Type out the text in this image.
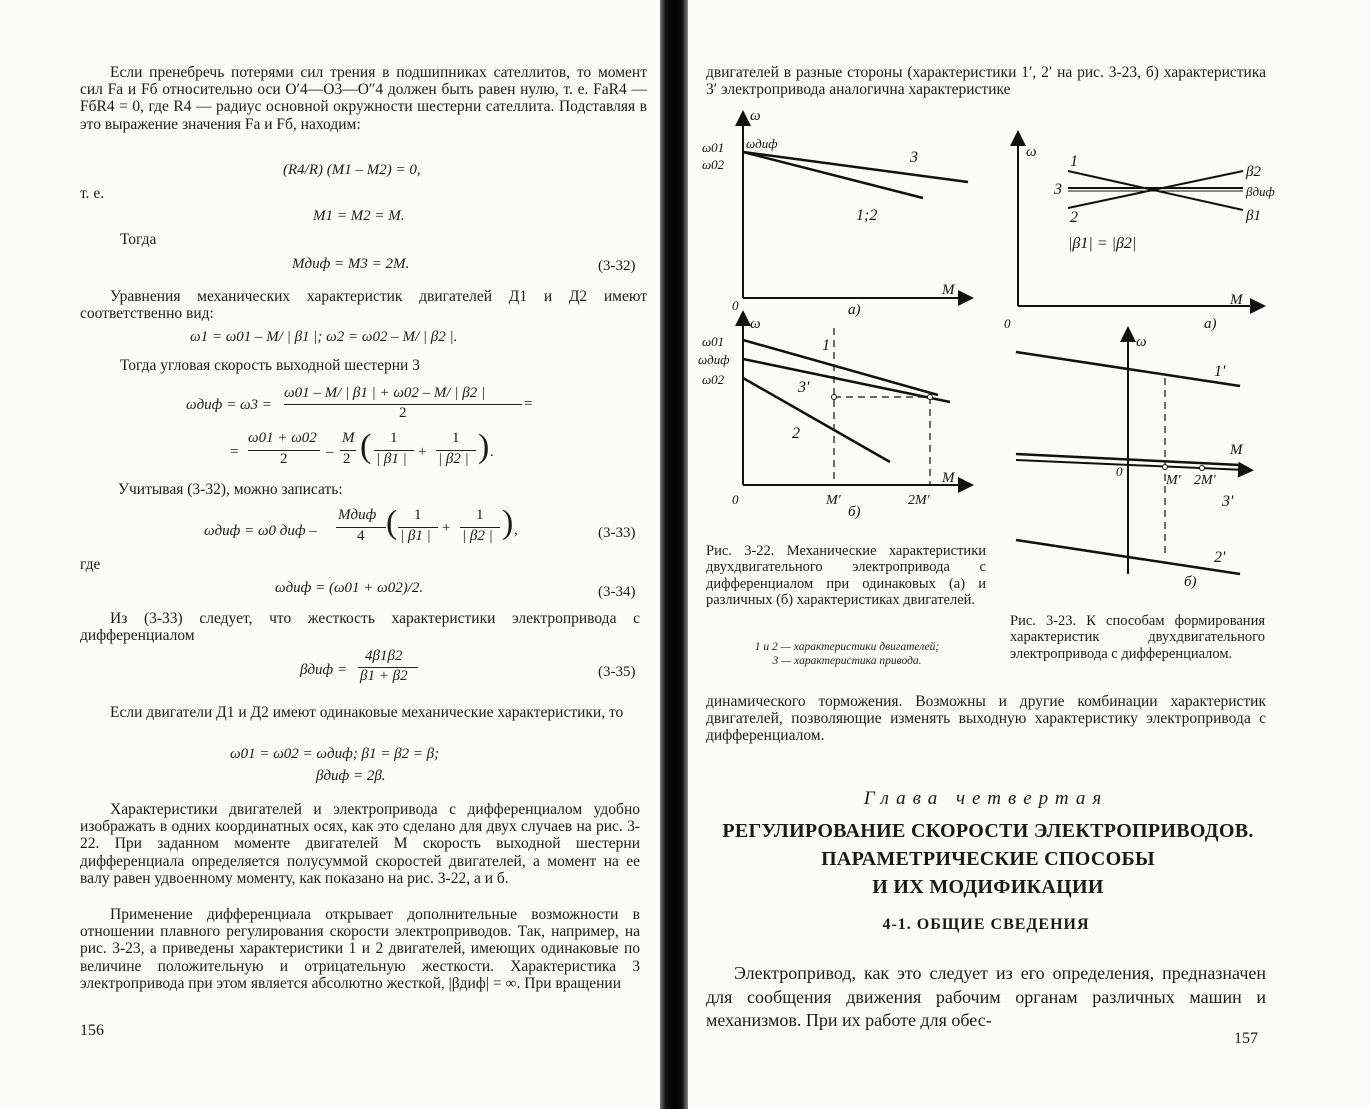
Если пренебречь потерями сил трения в подшипниках сателлитов, то момент сил Fа и Fб относительно оси O′4—O3—O″4 должен быть равен нулю, т. е. FаR4 — FбR4 = 0, где R4 — радиус основной окружности шестерни сателлита. Подставляя в это выражение значения Fа и Fб, находим:

(R4/R) (M1 – M2) = 0,
т. е.
M1 = M2 = M.
Тогда
Mдиф = M3 = 2M.	(3-32)

Уравнения механических характеристик двигателей Д1 и Д2 имеют соответственно вид:

ω1 = ω01 – M/ | β1 |; ω2 = ω02 – M/ | β2 |.

Тогда угловая скорость выходной шестерни 3

ωдиф = ω3 =
ω01 – M/ | β1 | + ω02 – M/ | β2 |
2
=
=
ω01 + ω02
2	–
M
2 ( 1
| β1 | +
1
| β2 | ) .

Учитывая (3-32), можно записать:

ωдиф = ω0 диф –
Mдиф
4 ( 1
| β1 | +
1
| β2 | ) ,	(3-33)
где
ωдиф = (ω01 + ω02)/2.	(3-34)

Из (3-33) следует, что жесткость характеристики электропривода с дифференциалом

βдиф =
4β1β2
β1 + β2	(3-35)

Если двигатели Д1 и Д2 имеют одинаковые механические характеристики, то

ω01 = ω02 = ωдиф; β1 = β2 = β;
βдиф = 2β.

Характеристики двигателей и электропривода с дифференциалом удобно изображать в одних координатных осях, как это сделано для двух случаев на рис. 3-22. При заданном моменте двигателей M скорость выходной шестерни дифференциала определяется полусуммой скоростей двигателей, а момент на ее валу равен удвоенному моменту, как показано на рис. 3-22, а и б.

Применение дифференциала открывает дополнительные возможности в отношении плавного регулирования скорости электроприводов. Так, например, на рис. 3-23, а приведены характеристики 1 и 2 двигателей, имеющих одинаковые по величине положительную и отрицательную жесткости. Характеристика 3 электропривода при этом является абсолютно жесткой, |βдиф| = ∞. При вращении

156

двигателей в разные стороны (характеристики 1′, 2′ на рис. 3-23, б) характеристика 3′ электропривода аналогична характеристике

ω
ω01
ω02
ωдиф
3
1;2
0
M
а)
ω
ω01
ωдиф
ω02
1
3′
2
0
M
M′	2M′
б)
ω
1
3
2
β2
βдиф
β1
|β1| = |β2|
0
M
а)
ω
1′
M
0
M′ 2M′
3′
2′
б)

Рис. 3-22. Механические характеристики двухдвигательного электропривода с дифференциалом при одинаковых (а) и различных (б) характеристиках двигателей.

1 и 2 — характеристики двигателей;
3 — характеристика привода.

Рис. 3-23. К способам формирования характеристик двухдвигательного электропривода с дифференциалом.

динамического торможения. Возможны и другие комбинации характеристик двигателей, позволяющие изменять выходную характеристику электропривода с дифференциалом.

Глава четвертая
РЕГУЛИРОВАНИЕ СКОРОСТИ ЭЛЕКТРОПРИВОДОВ.
ПАРАМЕТРИЧЕСКИЕ СПОСОБЫ
И ИХ МОДИФИКАЦИИ
4-1. ОБЩИЕ СВЕДЕНИЯ

Электропривод, как это следует из его определения, предназначен для сообщения движения рабочим органам различных машин и механизмов. При их работе для обес-

157
